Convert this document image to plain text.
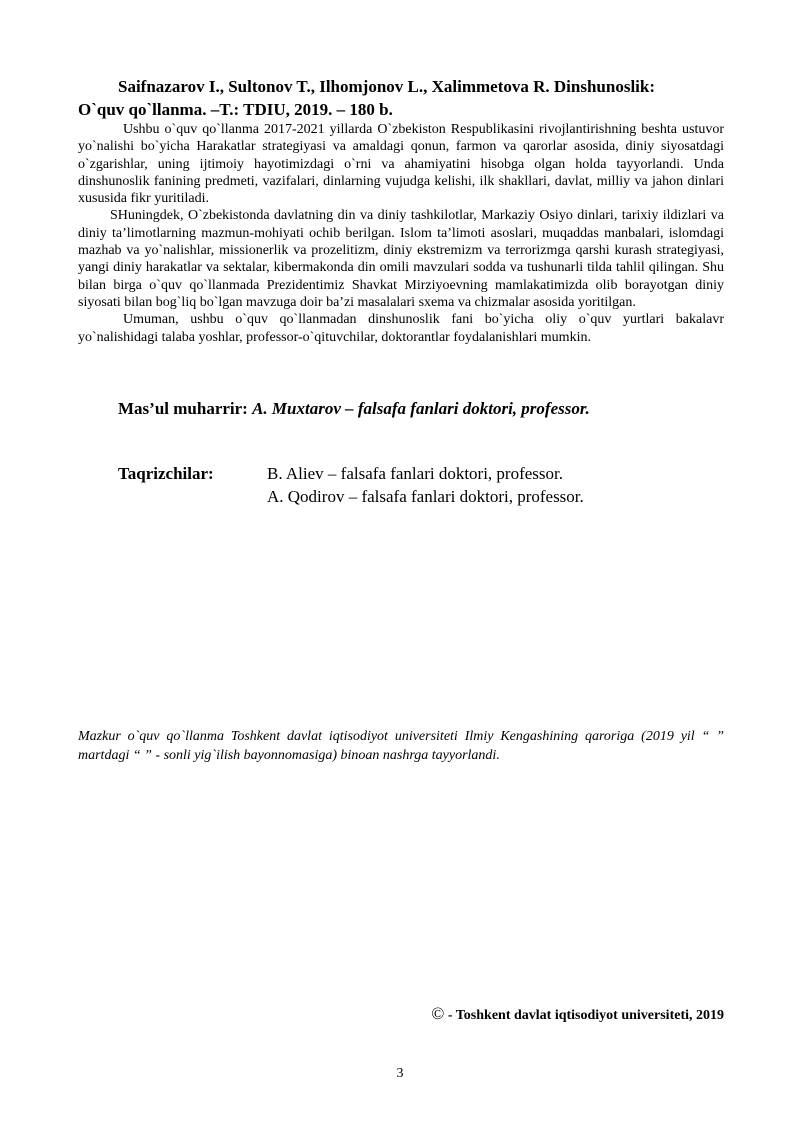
Saifnazarov I., Sultonov T., Ilhomjonov L., Xalimmetova R. Dinshunoslik:
O`quv qo`llanma. –T.: TDIU, 2019. – 180 b.

Ushbu o`quv qo`llanma 2017-2021 yillarda O`zbekiston Respublikasini rivojlantirishning beshta ustuvor yo`nalishi bo`yicha Harakatlar strategiyasi va amaldagi qonun, farmon va qarorlar asosida, diniy siyosatdagi o`zgarishlar, uning ijtimoiy hayotimizdagi o`rni va ahamiyatini hisobga olgan holda tayyorlandi. Unda dinshunoslik fanining predmeti, vazifalari, dinlarning vujudga kelishi, ilk shakllari, davlat, milliy va jahon dinlari xususida fikr yuritiladi.

SHuningdek, O`zbekistonda davlatning din va diniy tashkilotlar, Markaziy Osiyo dinlari, tarixiy ildizlari va diniy ta’limotlarning mazmun-mohiyati ochib berilgan. Islom ta’limoti asoslari, muqaddas manbalari, islomdagi mazhab va yo`nalishlar, missionerlik va prozelitizm, diniy ekstremizm va terrorizmga qarshi kurash strategiyasi, yangi diniy harakatlar va sektalar, kibermakonda din omili mavzulari sodda va tushunarli tilda tahlil qilingan. Shu bilan birga o`quv qo`llanmada Prezidentimiz Shavkat Mirziyoevning mamlakatimizda olib borayotgan diniy siyosati bilan bog`liq bo`lgan mavzuga doir ba’zi masalalari sxema va chizmalar asosida yoritilgan.

Umuman, ushbu o`quv qo`llanmadan dinshunoslik fani bo`yicha oliy o`quv yurtlari bakalavr yo`nalishidagi talaba yoshlar, professor-o`qituvchilar, doktorantlar foydalanishlari mumkin.

Mas’ul muharrir: A. Muxtarov – falsafa fanlari doktori, professor.
Taqrizchilar:	B. Aliev – falsafa fanlari doktori, professor.
A. Qodirov – falsafa fanlari doktori, professor.
Mazkur o`quv qo`llanma Toshkent davlat iqtisodiyot universiteti Ilmiy Kengashining qaroriga (2019 yil “ ” martdagi “ ” - sonli yig`ilish bayonnomasiga) binoan nashrga tayyorlandi.
© - Toshkent davlat iqtisodiyot universiteti, 2019
3
